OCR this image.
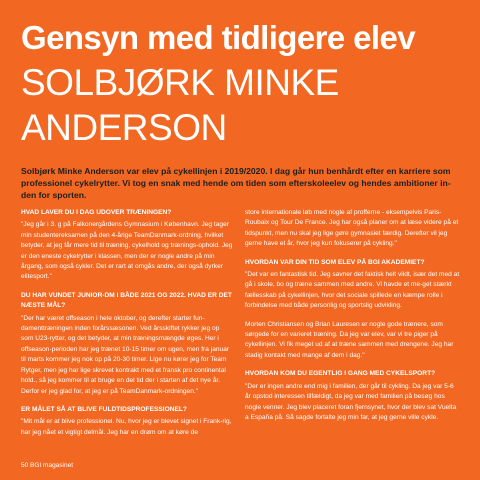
Gensyn med tidligere elev
SOLBJØRK MINKE
ANDERSON
Solbjørk Minke Anderson var elev på cykellinjen i 2019/2020. I dag går hun benhårdt efter en karriere som professionel cykelrytter. Vi tog en snak med hende om tiden som efterskoleelev og hendes ambitioner in-den for sporten.
HVAD LAVER DU I DAG UDOVER TRÆNINGEN?
"Jeg går i 3. g på Falkonergårdens Gymnasium i København. Jeg tager min studentereksamen på den 4-årige TeamDanmark-ordning, hvilket betyder, at jeg får mere tid til træning, cykelhold og trænings-ophold. Jeg er den eneste cykelrytter i klassen, men der er nogle andre på min årgang, som også cykler. Det er rart at omgås andre, der også dyrker elitesport."
DU HAR VUNDET JUNIOR-DM I BÅDE 2021 OG 2022. HVAD ER DET NÆSTE MÅL?
"Der har været offseason i hele oktober, og derefter starter fun-damenttræningen inden forårssæsonen. Ved årsskiftet rykker jeg op som U23-rytter, og det betyder, at min træningsmængde øges. Her i offseason-perioden har jeg trænet 10-15 timer om ugen, men fra januar til marts kommer jeg nok op på 20-30 timer. Lige nu kører jeg for Team Rytger, men jeg har lige skrevet kontrakt med et fransk pro continental hold., så jeg kommer til at bruge en del tid der i starten af det nye år. Derfor er jeg glad for, at jeg er på TeamDanmark-ordningen."
ER MÅLET SÅ AT BLIVE FULDTIDSPROFESSIONEL?
"Mit mål er at blive professionel. Nu, hvor jeg er blevet signet i Frank-rig, har jeg nået et vigtigt delmål. Jeg har en drøm om at køre de
store internationale løb med nogle af profferne - eksempelvis Paris-Roubaix og Tour De France. Jeg har også planer om at læse videre på et tidspunkt, men nu skal jeg lige gøre gymnasiet færdig. Derefter vil jeg gerne have et år, hvor jeg kun fokuserer på cykling."
HVORDAN VAR DIN TID SOM ELEV PÅ BGI AKADEMIET?
"Det var en fantastisk tid. Jeg savner det faktisk helt vildt, især det med at gå i skole, bo og træne sammen med andre. Vi havde et me-get stærkt fællesskab på cykellinjen, hvor det sociale spillede en kæmpe rolle i forbindelse med både personlig og sportslig udvikling.
Morten Christiansen og Brian Lauresen er nogle gode trænere, som sørgede for en varieret træning. Da jeg var elev, var vi tre piger på cykellinjen. Vi fik meget ud af at træne sammen med drengene. Jeg har stadig kontakt med mange af dem i dag."
HVORDAN KOM DU EGENTLIG I GANG MED CYKELSPORT?
"Der er ingen andre end mig i familien, der går til cykling. Da jeg var 5-6 år opstod interessen tilfældigt, da jeg var med familien på besøg hos nogle venner. Jeg blev placeret foran fjernsynet, hvor der blev sat Vuelta a España på. Så sagde fortalte jeg min far, at jeg gerne ville cykle.
50 BGI magasinet
